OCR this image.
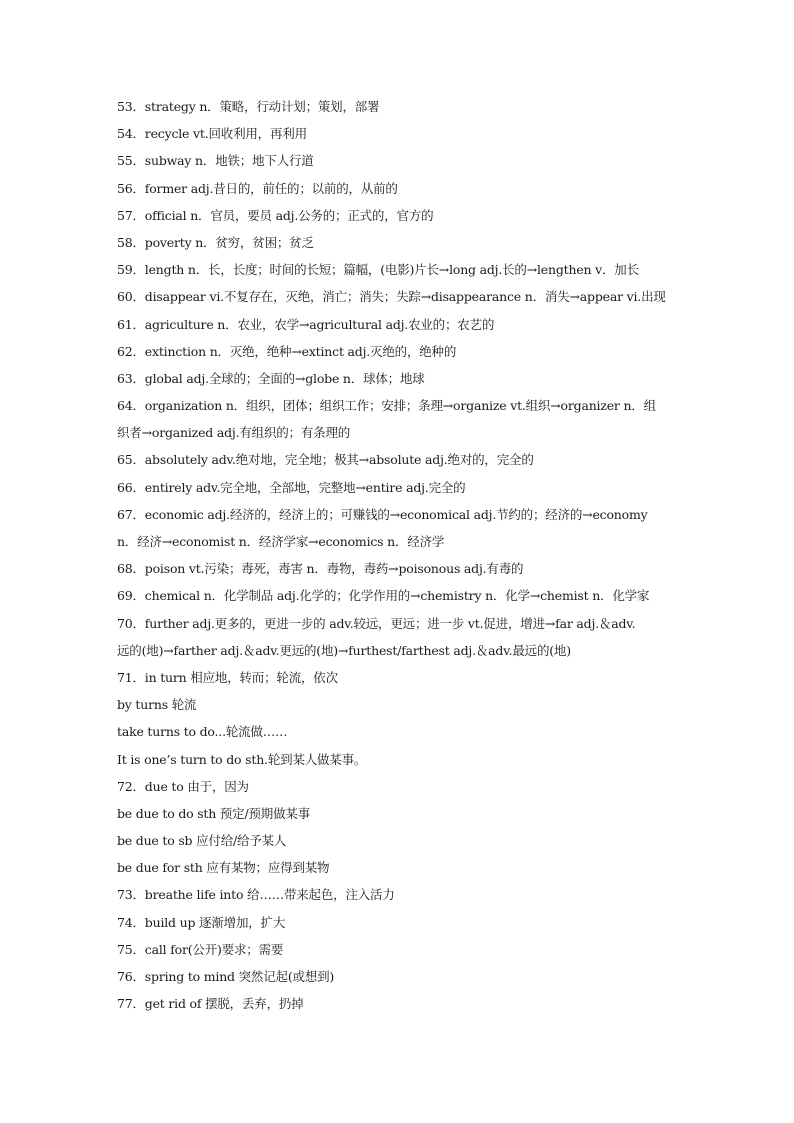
53．strategy n．策略，行动计划；策划，部署
54．recycle vt.回收利用，再利用
55．subway n．地铁；地下人行道
56．former adj.昔日的，前任的；以前的，从前的
57．official n．官员，要员 adj.公务的；正式的，官方的
58．poverty n．贫穷，贫困；贫乏
59．length n．长，长度；时间的长短；篇幅，(电影)片长→long adj.长的→lengthen v．加长
60．disappear vi.不复存在，灭绝，消亡；消失；失踪→disappearance n．消失→appear vi.出现
61．agriculture n．农业，农学→agricultural adj.农业的；农艺的
62．extinction n．灭绝，绝种→extinct adj.灭绝的，绝种的
63．global adj.全球的；全面的→globe n．球体；地球
64．organization n．组织，团体；组织工作；安排；条理→organize vt.组织→organizer n．组
织者→organized adj.有组织的；有条理的
65．absolutely adv.绝对地，完全地；极其→absolute adj.绝对的，完全的
66．entirely adv.完全地，全部地，完整地→entire adj.完全的
67．economic adj.经济的，经济上的；可赚钱的→economical adj.节约的；经济的→economy
n．经济→economist n．经济学家→economics n．经济学
68．poison vt.污染；毒死，毒害 n．毒物，毒药→poisonous adj.有毒的
69．chemical n．化学制品 adj.化学的；化学作用的→chemistry n．化学→chemist n．化学家
70．further adj.更多的，更进一步的 adv.较远，更远；进一步 vt.促进，增进→far adj.＆adv.
远的(地)→farther adj.＆adv.更远的(地)→furthest/farthest adj.＆adv.最远的(地)
71．in turn 相应地，转而；轮流，依次
by turns 轮流
take turns to do...轮流做……
It is one’s turn to do sth.轮到某人做某事。
72．due to 由于，因为
be due to do sth 预定/预期做某事
be due to sb 应付给/给予某人
be due for sth 应有某物；应得到某物
73．breathe life into 给……带来起色，注入活力
74．build up 逐渐增加，扩大
75．call for(公开)要求；需要
76．spring to mind 突然记起(或想到)
77．get rid of 摆脱，丢弃，扔掉
